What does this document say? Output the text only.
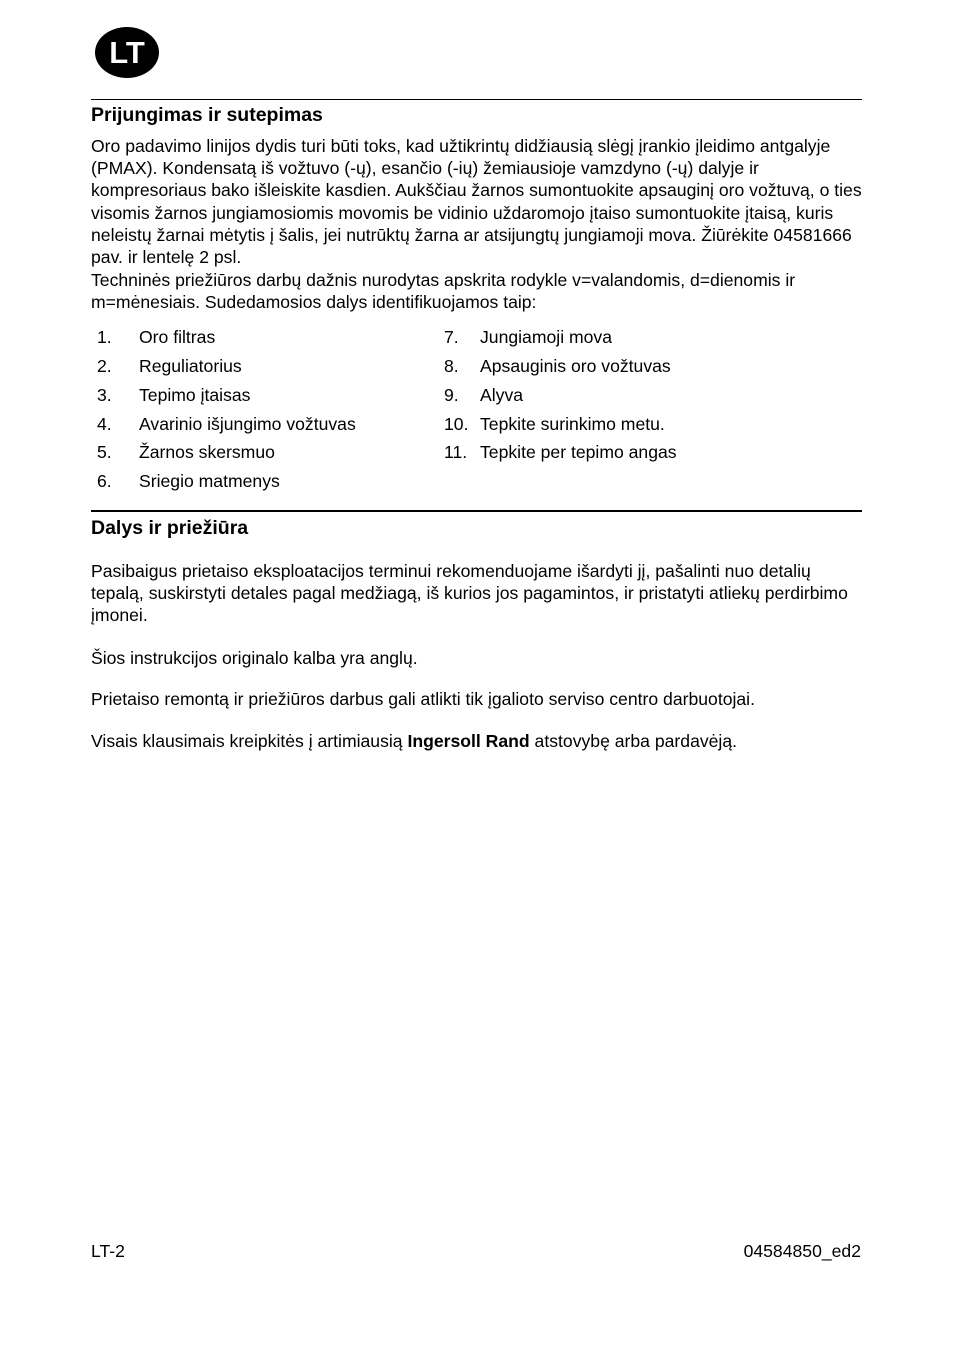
LT
Prijungimas ir sutepimas

Oro padavimo linijos dydis turi būti toks, kad užtikrintų didžiausią slėgį įrankio įleidimo antgalyje (PMAX). Kondensatą iš vožtuvo (-ų), esančio (-ių) žemiausioje vamzdyno (-ų) dalyje ir kompresoriaus bako išleiskite kasdien. Aukščiau žarnos sumontuokite apsauginį oro vožtuvą, o ties visomis žarnos jungiamosiomis movomis be vidinio uždaromojo įtaiso sumontuokite įtaisą, kuris neleistų žarnai mėtytis į šalis, jei nutrūktų žarna ar atsijungtų jungiamoji mova. Žiūrėkite 04581666 pav. ir lentelę 2 psl.

Techninės priežiūros darbų dažnis nurodytas apskrita rodykle v=valandomis, d=dienomis ir m=mėnesiais. Sudedamosios dalys identifikuojamos taip:

1.	Oro filtras
2.	Reguliatorius
3.	Tepimo įtaisas
4.	Avarinio išjungimo vožtuvas
5.	Žarnos skersmuo
6.	Sriegio matmenys
7.	Jungiamoji mova
8.	Apsauginis oro vožtuvas
9.	Alyva
10. Tepkite surinkimo metu.
11. Tepkite per tepimo angas
Dalys ir priežiūra

Pasibaigus prietaiso eksploatacijos terminui rekomenduojame išardyti jį, pašalinti nuo detalių tepalą, suskirstyti detales pagal medžiagą, iš kurios jos pagamintos, ir pristatyti atliekų perdirbimo įmonei.

Šios instrukcijos originalo kalba yra anglų.

Prietaiso remontą ir priežiūros darbus gali atlikti tik įgalioto serviso centro darbuotojai.

Visais klausimais kreipkitės į artimiausią Ingersoll Rand atstovybę arba pardavėją.

LT-2	04584850_ed2
